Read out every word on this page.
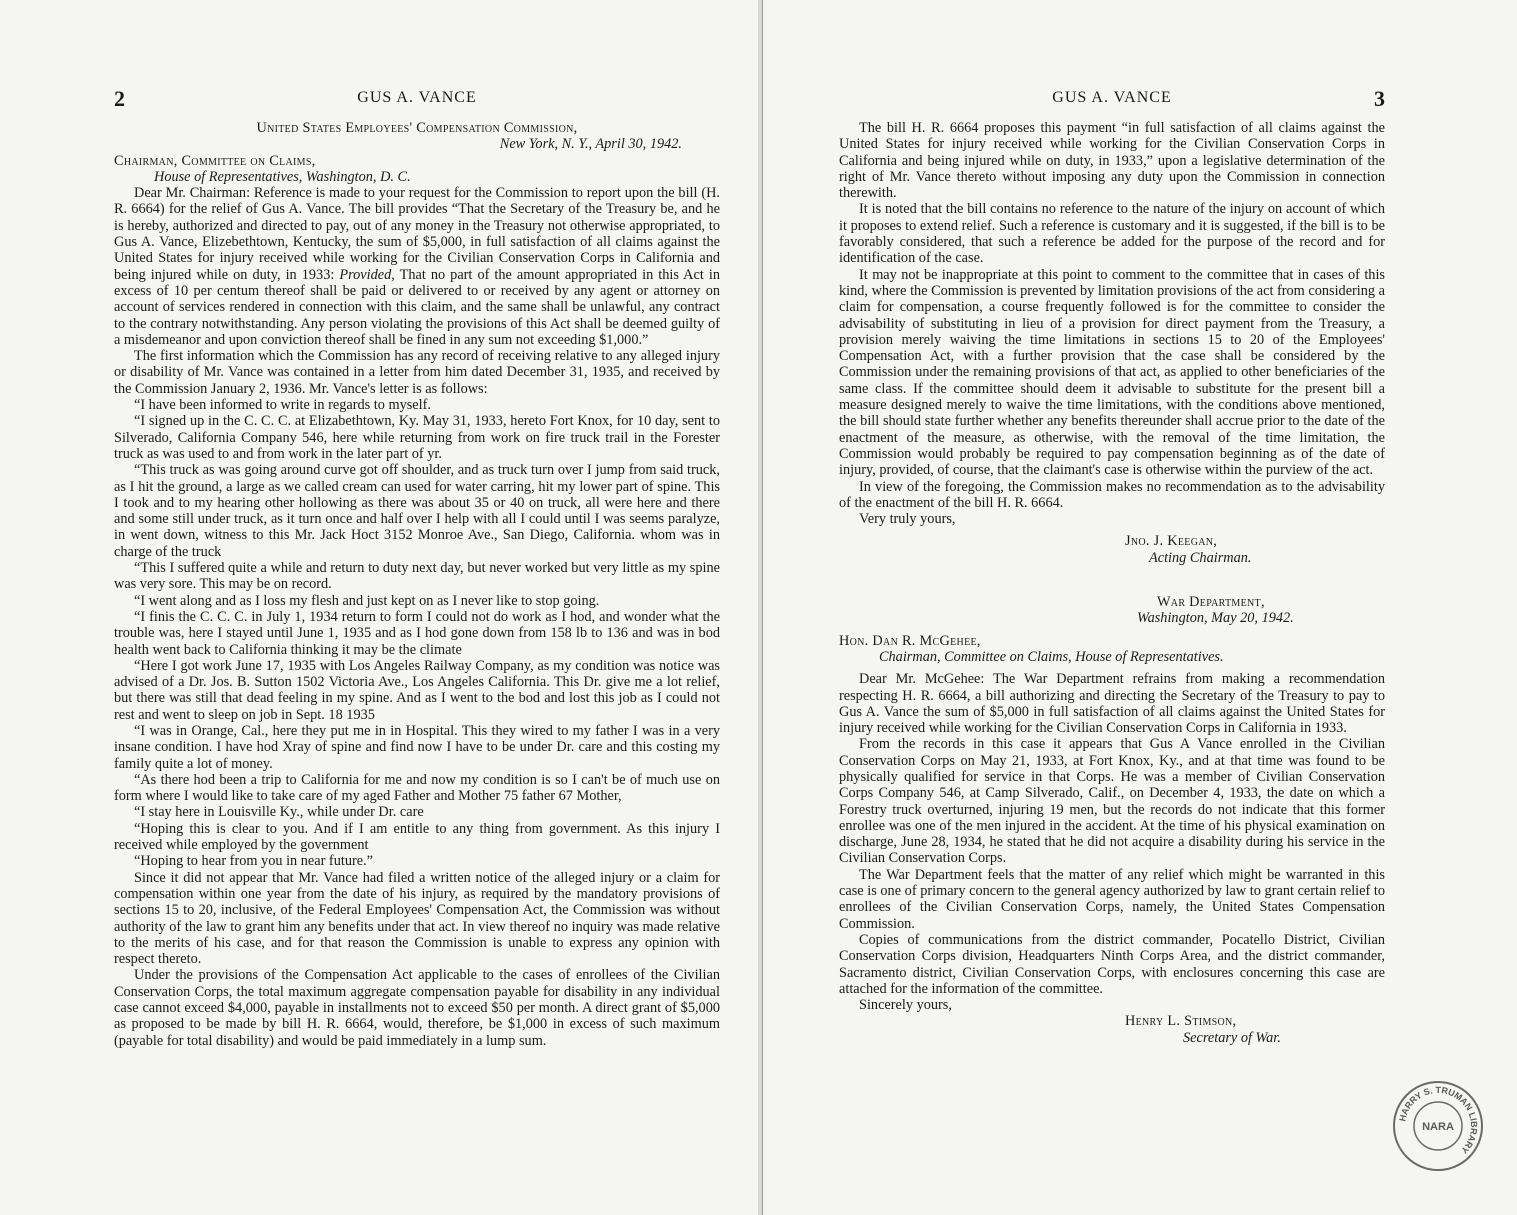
2	GUS A. VANCE

United States Employees' Compensation Commission,

New York, N. Y., April 30, 1942.

Chairman, Committee on Claims,

House of Representatives, Washington, D. C.

Dear Mr. Chairman: Reference is made to your request for the Commission to report upon the bill (H. R. 6664) for the relief of Gus A. Vance. The bill provides “That the Secretary of the Treasury be, and he is hereby, authorized and directed to pay, out of any money in the Treasury not otherwise appropriated, to Gus A. Vance, Elizebethtown, Kentucky, the sum of $5,000, in full satisfaction of all claims against the United States for injury received while working for the Civilian Conservation Corps in California and being injured while on duty, in 1933: Provided, That no part of the amount appropriated in this Act in excess of 10 per centum thereof shall be paid or delivered to or received by any agent or attorney on account of services rendered in connection with this claim, and the same shall be unlawful, any contract to the contrary notwithstanding. Any person violating the provisions of this Act shall be deemed guilty of a misdemeanor and upon conviction thereof shall be fined in any sum not exceeding $1,000.”

The first information which the Commission has any record of receiving relative to any alleged injury or disability of Mr. Vance was contained in a letter from him dated December 31, 1935, and received by the Commission January 2, 1936. Mr. Vance's letter is as follows:

“I have been informed to write in regards to myself.

“I signed up in the C. C. C. at Elizabethtown, Ky. May 31, 1933, hereto Fort Knox, for 10 day, sent to Silverado, California Company 546, here while returning from work on fire truck trail in the Forester truck as was used to and from work in the later part of yr.

“This truck as was going around curve got off shoulder, and as truck turn over I jump from said truck, as I hit the ground, a large as we called cream can used for water carring, hit my lower part of spine. This I took and to my hearing other hollowing as there was about 35 or 40 on truck, all were here and there and some still under truck, as it turn once and half over I help with all I could until I was seems paralyze, in went down, witness to this Mr. Jack Hoct 3152 Monroe Ave., San Diego, California. whom was in charge of the truck

“This I suffered quite a while and return to duty next day, but never worked but very little as my spine was very sore. This may be on record.

“I went along and as I loss my flesh and just kept on as I never like to stop going.

“I finis the C. C. C. in July 1, 1934 return to form I could not do work as I hod, and wonder what the trouble was, here I stayed until June 1, 1935 and as I hod gone down from 158 lb to 136 and was in bod health went back to California thinking it may be the climate

“Here I got work June 17, 1935 with Los Angeles Railway Company, as my condition was notice was advised of a Dr. Jos. B. Sutton 1502 Victoria Ave., Los Angeles California. This Dr. give me a lot relief, but there was still that dead feeling in my spine. And as I went to the bod and lost this job as I could not rest and went to sleep on job in Sept. 18 1935

“I was in Orange, Cal., here they put me in in Hospital. This they wired to my father I was in a very insane condition. I have hod Xray of spine and find now I have to be under Dr. care and this costing my family quite a lot of money.

“As there hod been a trip to California for me and now my condition is so I can't be of much use on form where I would like to take care of my aged Father and Mother 75 father 67 Mother,

“I stay here in Louisville Ky., while under Dr. care

“Hoping this is clear to you. And if I am entitle to any thing from government. As this injury I received while employed by the government

“Hoping to hear from you in near future.”

Since it did not appear that Mr. Vance had filed a written notice of the alleged injury or a claim for compensation within one year from the date of his injury, as required by the mandatory provisions of sections 15 to 20, inclusive, of the Federal Employees' Compensation Act, the Commission was without authority of the law to grant him any benefits under that act. In view thereof no inquiry was made relative to the merits of his case, and for that reason the Commission is unable to express any opinion with respect thereto.

Under the provisions of the Compensation Act applicable to the cases of enrollees of the Civilian Conservation Corps, the total maximum aggregate compensation payable for disability in any individual case cannot exceed $4,000, payable in installments not to exceed $50 per month. A direct grant of $5,000 as proposed to be made by bill H. R. 6664, would, therefore, be $1,000 in excess of such maximum (payable for total disability) and would be paid immediately in a lump sum.

GUS A. VANCE	3

The bill H. R. 6664 proposes this payment “in full satisfaction of all claims against the United States for injury received while working for the Civilian Conservation Corps in California and being injured while on duty, in 1933,” upon a legislative determination of the right of Mr. Vance thereto without imposing any duty upon the Commission in connection therewith.

It is noted that the bill contains no reference to the nature of the injury on account of which it proposes to extend relief. Such a reference is customary and it is suggested, if the bill is to be favorably considered, that such a reference be added for the purpose of the record and for identification of the case.

It may not be inappropriate at this point to comment to the committee that in cases of this kind, where the Commission is prevented by limitation provisions of the act from considering a claim for compensation, a course frequently followed is for the committee to consider the advisability of substituting in lieu of a provision for direct payment from the Treasury, a provision merely waiving the time limitations in sections 15 to 20 of the Employees' Compensation Act, with a further provision that the case shall be considered by the Commission under the remaining provisions of that act, as applied to other beneficiaries of the same class. If the committee should deem it advisable to substitute for the present bill a measure designed merely to waive the time limitations, with the conditions above mentioned, the bill should state further whether any benefits thereunder shall accrue prior to the date of the enactment of the measure, as otherwise, with the removal of the time limitation, the Commission would probably be required to pay compensation beginning as of the date of injury, provided, of course, that the claimant's case is otherwise within the purview of the act.

In view of the foregoing, the Commission makes no recommendation as to the advisability of the enactment of the bill H. R. 6664.

Very truly yours,

Jno. J. Keegan,
Acting Chairman.
War Department,
Washington, May 20, 1942.

Hon. Dan R. McGehee,

Chairman, Committee on Claims, House of Representatives.

Dear Mr. McGehee: The War Department refrains from making a recommendation respecting H. R. 6664, a bill authorizing and directing the Secretary of the Treasury to pay to Gus A. Vance the sum of $5,000 in full satisfaction of all claims against the United States for injury received while working for the Civilian Conservation Corps in California in 1933.

From the records in this case it appears that Gus A Vance enrolled in the Civilian Conservation Corps on May 21, 1933, at Fort Knox, Ky., and at that time was found to be physically qualified for service in that Corps. He was a member of Civilian Conservation Corps Company 546, at Camp Silverado, Calif., on December 4, 1933, the date on which a Forestry truck overturned, injuring 19 men, but the records do not indicate that this former enrollee was one of the men injured in the accident. At the time of his physical examination on discharge, June 28, 1934, he stated that he did not acquire a disability during his service in the Civilian Conservation Corps.

The War Department feels that the matter of any relief which might be warranted in this case is one of primary concern to the general agency authorized by law to grant certain relief to enrollees of the Civilian Conservation Corps, namely, the United States Compensation Commission.

Copies of communications from the district commander, Pocatello District, Civilian Conservation Corps division, Headquarters Ninth Corps Area, and the district commander, Sacramento district, Civilian Conservation Corps, with enclosures concerning this case are attached for the information of the committee.

Sincerely yours,

Henry L. Stimson,
Secretary of War.
HARRY S. TRUMAN LIBRARY
NARA
